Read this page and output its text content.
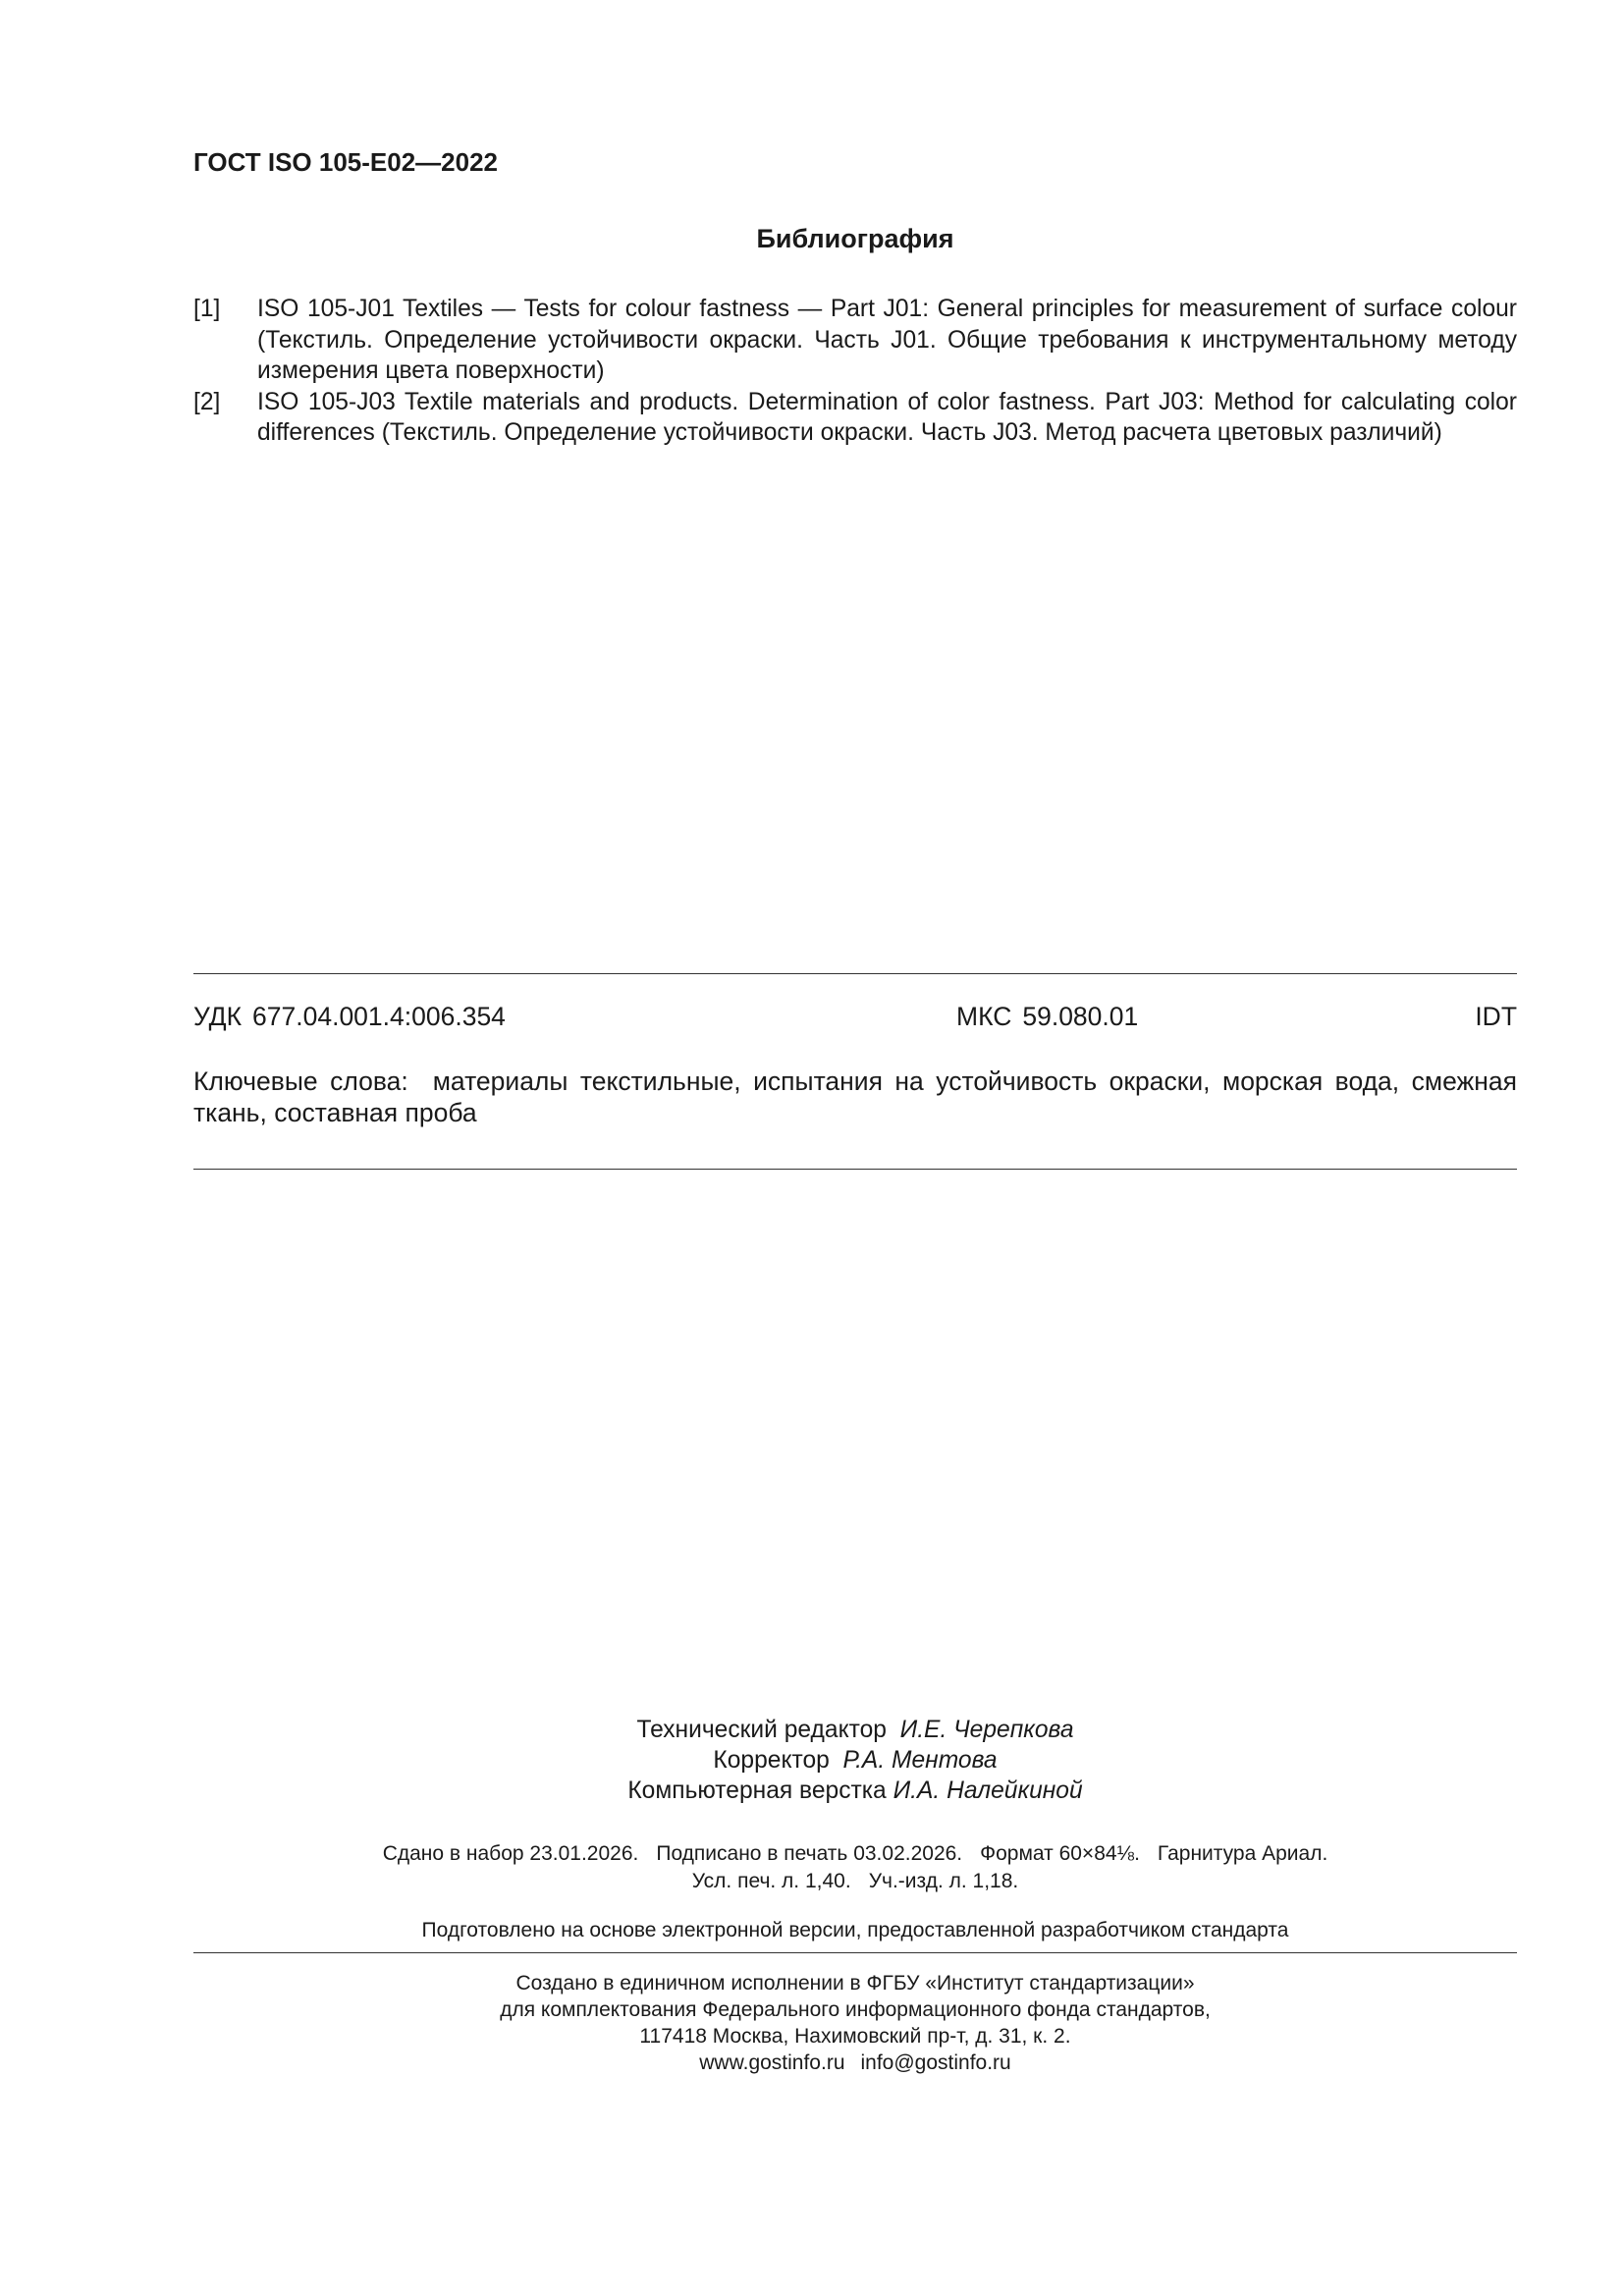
ГОСТ ISO 105-E02—2022
Библиография
[1]	ISO 105-J01 Textiles — Tests for colour fastness — Part J01: General principles for measurement of surface colour (Текстиль. Определение устойчивости окраски. Часть J01. Общие требования к инструментальному методу измерения цвета поверхности)
[2]	ISO 105-J03 Textile materials and products. Determination of color fastness. Part J03: Method for calculating color differences (Текстиль. Определение устойчивости окраски. Часть J03. Метод расчета цветовых различий)
УДК 677.04.001.4:006.354	МКС 59.080.01	IDT

Ключевые слова: материалы текстильные, испытания на устойчивость окраски, морская вода, смежная ткань, составная проба

Технический редактор И.Е. Черепкова
Корректор Р.А. Ментова
Компьютерная верстка И.А. Налейкиной
Сдано в набор 23.01.2026. Подписано в печать 03.02.2026. Формат 60×84⅛. Гарнитура Ариал.
Усл. печ. л. 1,40. Уч.-изд. л. 1,18.
Подготовлено на основе электронной версии, предоставленной разработчиком стандарта
Создано в единичном исполнении в ФГБУ «Институт стандартизации»
для комплектования Федерального информационного фонда стандартов,
117418 Москва, Нахимовский пр-т, д. 31, к. 2.
www.gostinfo.ru info@gostinfo.ru
